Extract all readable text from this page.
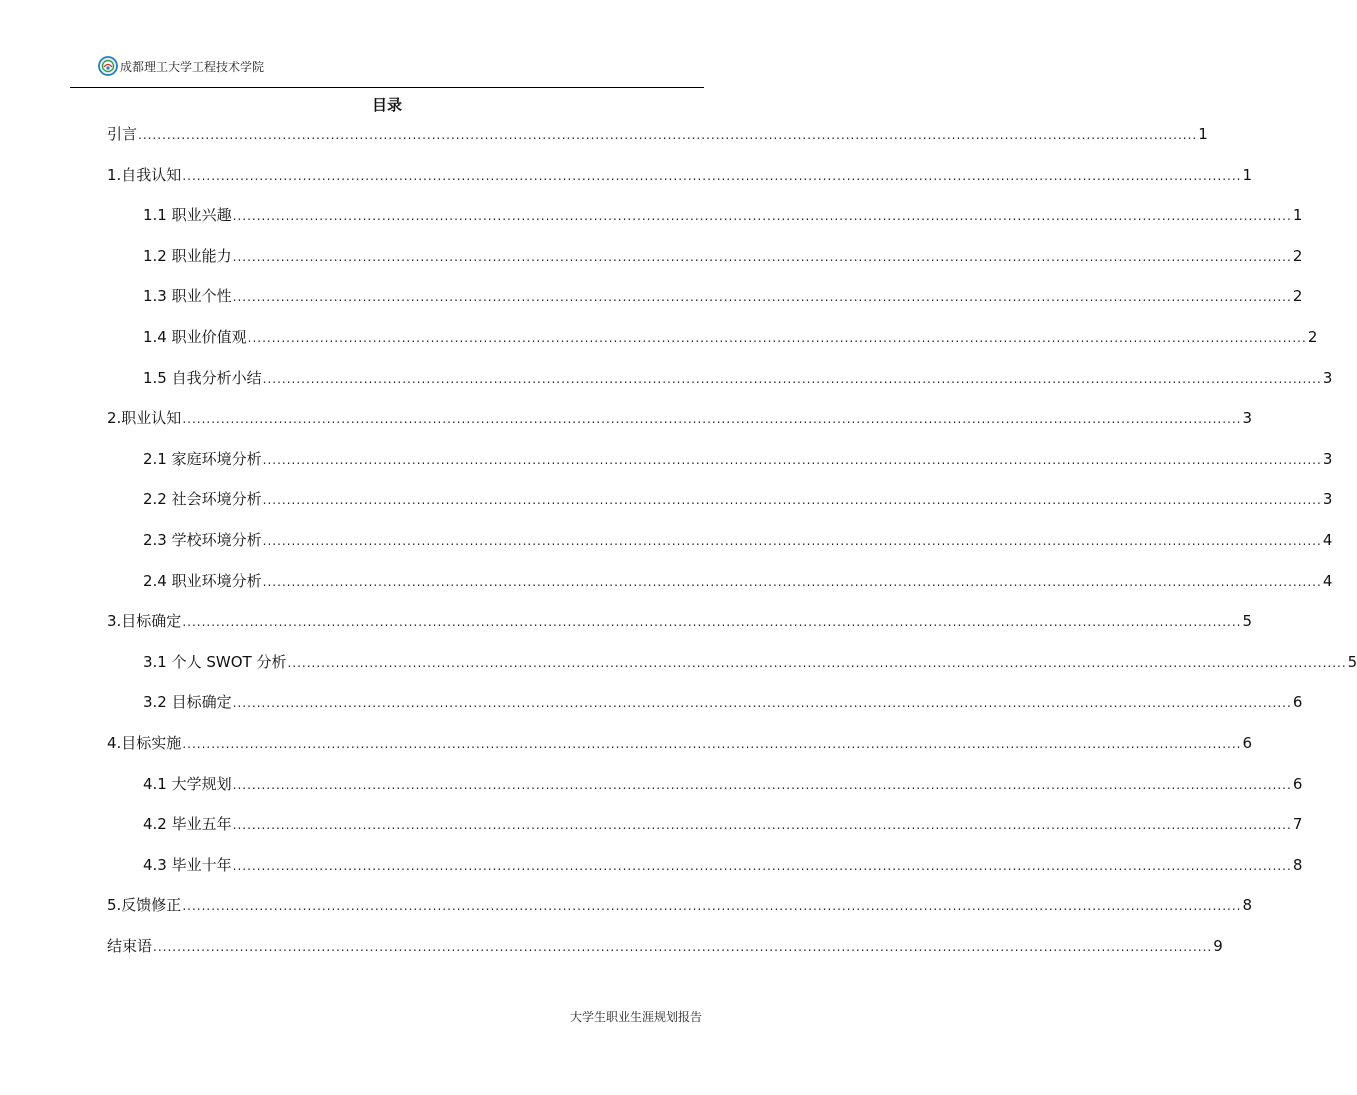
成都理工大学工程技术学院
目录
引言 ............................................................................................................................................................................................................................ 1
1.自我认知 ............................................................................................................................................................................................................................ 1
1.1 职业兴趣 ............................................................................................................................................................................................................................ 1
1.2 职业能力 ............................................................................................................................................................................................................................ 2
1.3 职业个性 ............................................................................................................................................................................................................................ 2
1.4 职业价值观 ............................................................................................................................................................................................................................ 2
1.5 自我分析小结 ............................................................................................................................................................................................................................ 3
2.职业认知 ............................................................................................................................................................................................................................ 3
2.1 家庭环境分析 ............................................................................................................................................................................................................................ 3
2.2 社会环境分析 ............................................................................................................................................................................................................................ 3
2.3 学校环境分析 ............................................................................................................................................................................................................................ 4
2.4 职业环境分析 ............................................................................................................................................................................................................................ 4
3.目标确定 ............................................................................................................................................................................................................................ 5
3.1 个人 SWOT 分析 ............................................................................................................................................................................................................................ 5
3.2 目标确定 ............................................................................................................................................................................................................................ 6
4.目标实施 ............................................................................................................................................................................................................................ 6
4.1 大学规划 ............................................................................................................................................................................................................................ 6
4.2 毕业五年 ............................................................................................................................................................................................................................ 7
4.3 毕业十年 ............................................................................................................................................................................................................................ 8
5.反馈修正 ............................................................................................................................................................................................................................ 8
结束语 ............................................................................................................................................................................................................................ 9
大学生职业生涯规划报告
